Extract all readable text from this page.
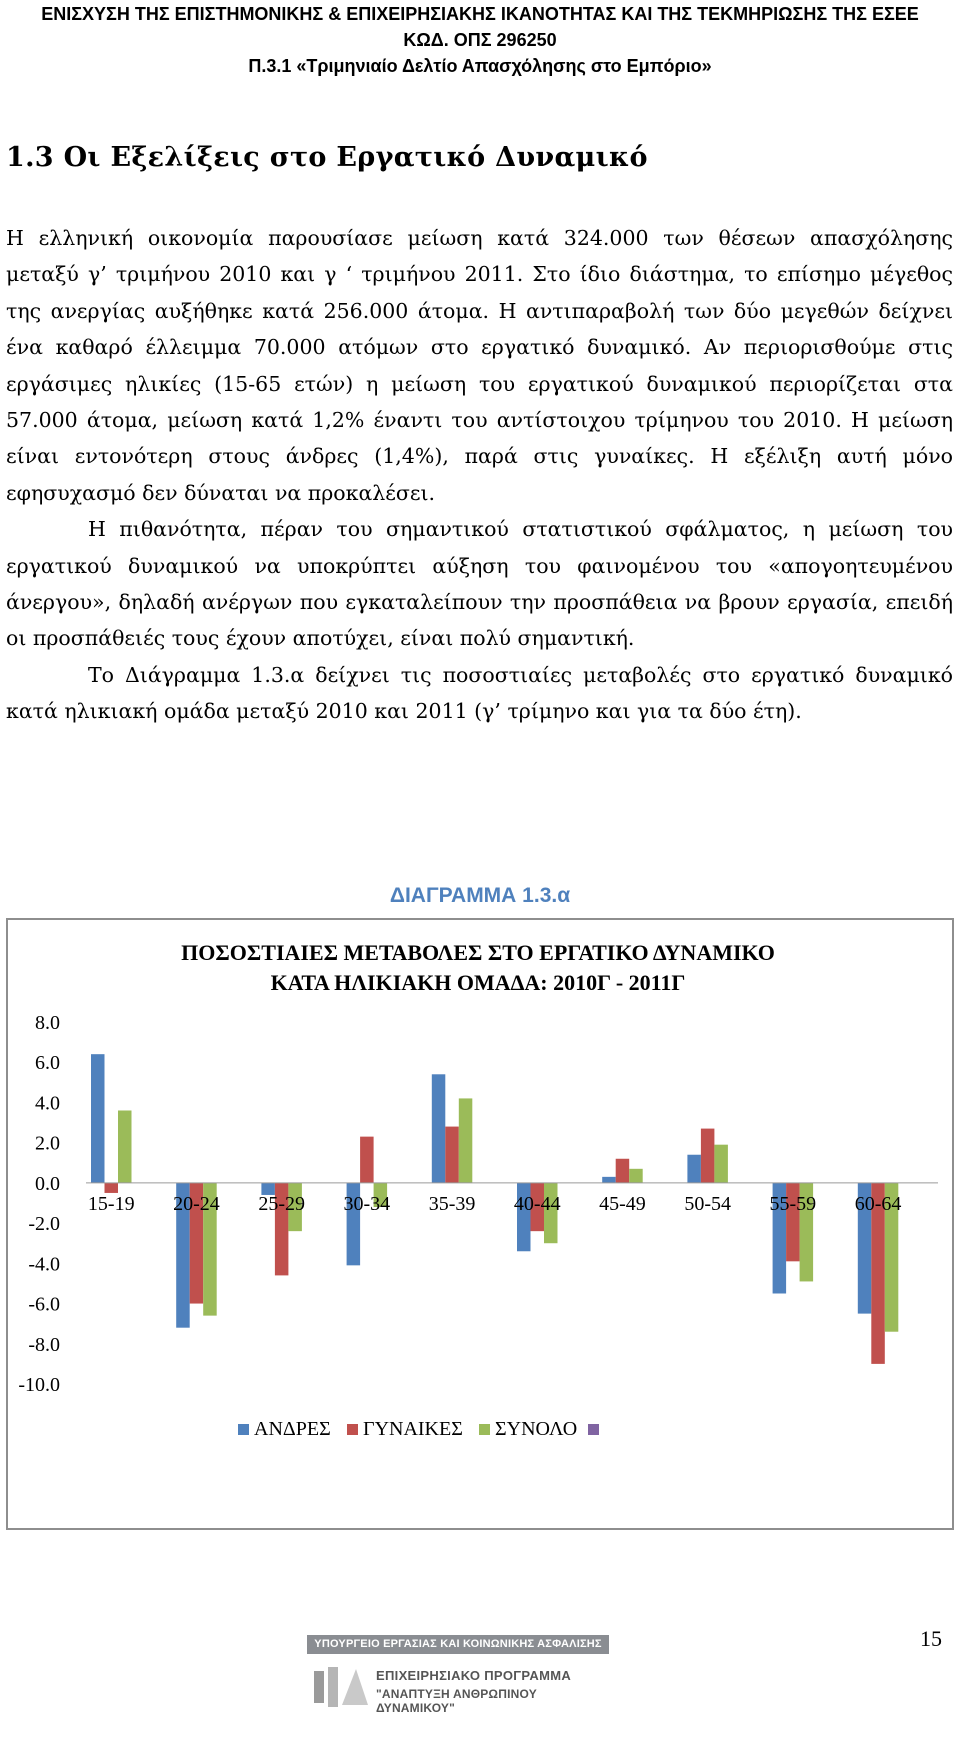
ΕΝΙΣΧΥΣΗ ΤΗΣ ΕΠΙΣΤΗΜΟΝΙΚΗΣ & ΕΠΙΧΕΙΡΗΣΙΑΚΗΣ ΙΚΑΝΟΤΗΤΑΣ ΚΑΙ ΤΗΣ ΤΕΚΜΗΡΙΩΣΗΣ ΤΗΣ ΕΣΕΕ
ΚΩΔ. ΟΠΣ 296250
Π.3.1 «Τριμηνιαίο Δελτίο Απασχόλησης στο Εμπόριο»
1.3 Οι Εξελίξεις στο Εργατικό Δυναμικό

Η ελληνική οικονομία παρουσίασε μείωση κατά 324.000 των θέσεων απασχόλησης μεταξύ γ’ τριμήνου 2010 και γ ‘ τριμήνου 2011. Στο ίδιο διάστημα, το επίσημο μέγεθος της ανεργίας αυξήθηκε κατά 256.000 άτομα. Η αντιπαραβολή των δύο μεγεθών δείχνει ένα καθαρό έλλειμμα 70.000 ατόμων στο εργατικό δυναμικό. Αν περιορισθούμε στις εργάσιμες ηλικίες (15-65 ετών) η μείωση του εργατικού δυναμικού περιορίζεται στα 57.000 άτομα, μείωση κατά 1,2% έναντι του αντίστοιχου τρίμηνου του 2010. Η μείωση είναι εντονότερη στους άνδρες (1,4%), παρά στις γυναίκες. Η εξέλιξη αυτή μόνο εφησυχασμό δεν δύναται να προκαλέσει.

Η πιθανότητα, πέραν του σημαντικού στατιστικού σφάλματος, η μείωση του εργατικού δυναμικού να υποκρύπτει αύξηση του φαινομένου του «απογοητευμένου άνεργου», δηλαδή ανέργων που εγκαταλείπουν την προσπάθεια να βρουν εργασία, επειδή οι προσπάθειές τους έχουν αποτύχει, είναι πολύ σημαντική.

Το Διάγραμμα 1.3.α δείχνει τις ποσοστιαίες μεταβολές στο εργατικό δυναμικό κατά ηλικιακή ομάδα μεταξύ 2010 και 2011 (γ’ τρίμηνο και για τα δύο έτη).

ΔΙΑΓΡΑΜΜΑ 1.3.α
ΠΟΣΟΣΤΙΑΙΕΣ ΜΕΤΑΒΟΛΕΣ ΣΤΟ ΕΡΓΑΤΙΚΟ ΔΥΝΑΜΙΚΟ
ΚΑΤΑ ΗΛΙΚΙΑΚΗ ΟΜΑΔΑ: 2010Γ - 2011Γ
8.0
6.0
4.0
2.0
0.0
-2.0
-4.0
-6.0
-8.0
-10.0
15-19 20-24 25-29 30-34 35-39 40-44 45-49 50-54 55-59 60-64
ΑΝΔΡΕΣ ΓΥΝΑΙΚΕΣ ΣΥΝΟΛΟ
15
ΥΠΟΥΡΓΕΙΟ ΕΡΓΑΣΙΑΣ ΚΑΙ ΚΟΙΝΩΝΙΚΗΣ ΑΣΦΑΛΙΣΗΣ
ΕΠΙΧΕΙΡΗΣΙΑΚΟ ΠΡΟΓΡΑΜΜΑ
"ΑΝΑΠΤΥΞΗ ΑΝΘΡΩΠΙΝΟΥ ΔΥΝΑΜΙΚΟΥ"
